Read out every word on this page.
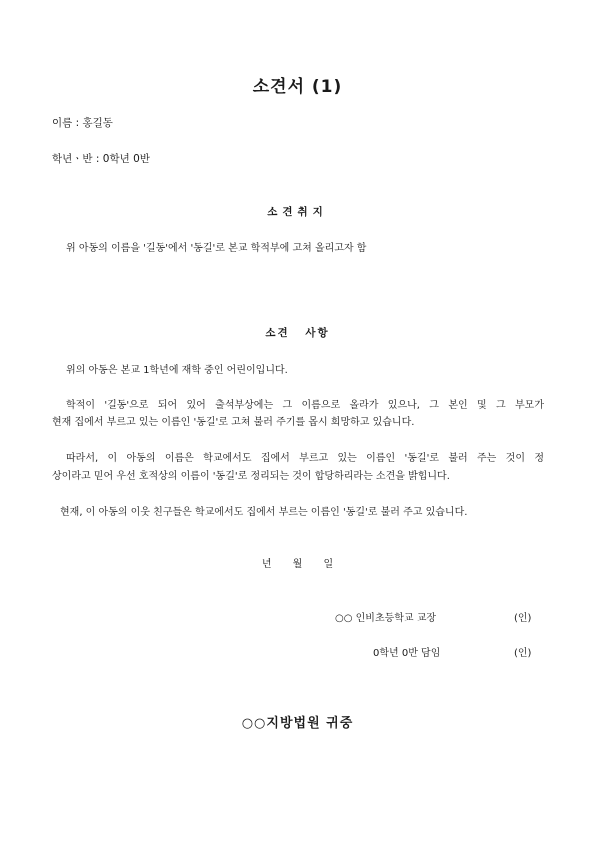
소견서 (1)
이름 : 홍길동
학년ㆍ반 : 0학년 0반
소견취지
위 아동의 이름을 '길동'에서 '동길'로 본교 학적부에 고쳐 올리고자 함
소견 사항
위의 아동은 본교 1학년에 재학 중인 어린이입니다.
학적이 '길동'으로 되어 있어 출석부상에는 그 이름으로 올라가 있으나, 그 본인 및 그 부모가
현재 집에서 부르고 있는 이름인 '동길'로 고쳐 불러 주기를 몹시 희망하고 있습니다.
따라서, 이 아동의 이름은 학교에서도 집에서 부르고 있는 이름인 '동길'로 불러 주는 것이 정
상이라고 믿어 우선 호적상의 이름이 '동길'로 정리되는 것이 합당하리라는 소견을 밝힙니다.
현재, 이 아동의 이웃 친구들은 학교에서도 집에서 부르는 이름인 '동길'로 불러 주고 있습니다.
년 월 일
○○ 인비초등학교 교장	(인)
0학년 0반 담임	(인)
○○지방법원 귀중
